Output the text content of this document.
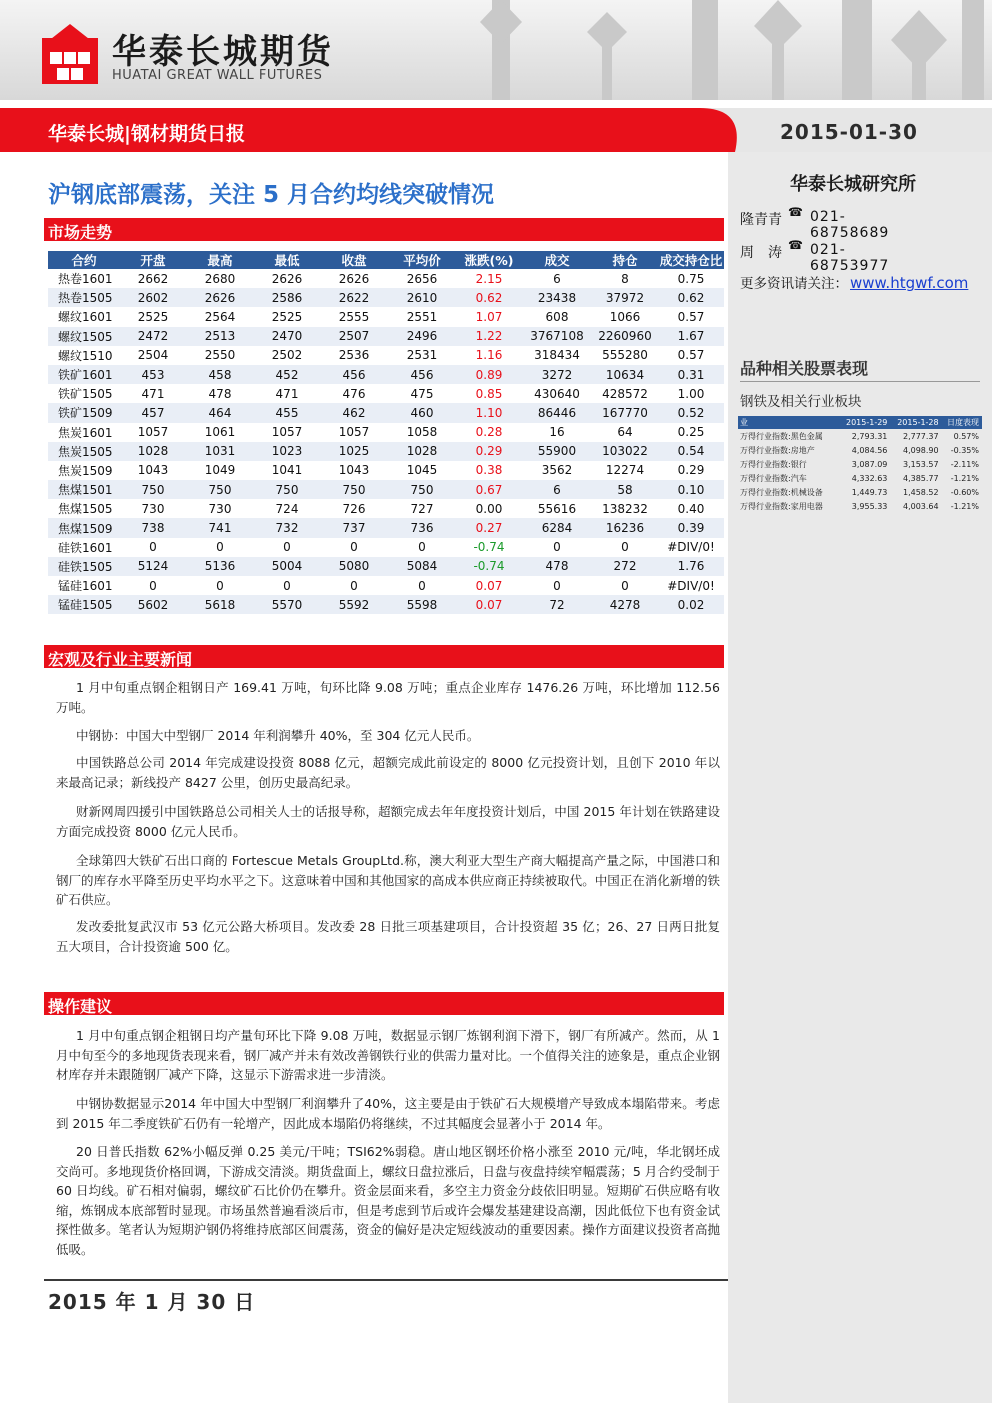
华泰长城期货
HUATAI GREAT WALL FUTURES
华泰长城|钢材期货日报	2015-01-30
华泰长城研究所
隆青青 ☎ 021-68758689
周　涛 ☎ 021-68753977
更多资讯请关注： www.htgwf.com
品种相关股票表现
钢铁及相关行业板块
业	2015-1-29	2015-1-28	日度表现
万得行业指数:黑色金属	2,793.31	2,777.37	0.57%
万得行业指数:房地产	4,084.56	4,098.90	-0.35%
万得行业指数:银行	3,087.09	3,153.57	-2.11%
万得行业指数:汽车	4,332.63	4,385.77	-1.21%
万得行业指数:机械设备	1,449.73	1,458.52	-0.60%
万得行业指数:家用电器	3,955.33	4,003.64	-1.21%
沪钢底部震荡，关注 5 月合约均线突破情况
市场走势
合约	开盘	最高	最低	收盘	平均价	涨跌(%)	成交	持仓	成交持仓比
热卷1601	2662	2680	2626	2626	2656	2.15	6	8	0.75
热卷1505	2602	2626	2586	2622	2610	0.62	23438	37972	0.62
螺纹1601	2525	2564	2525	2555	2551	1.07	608	1066	0.57
螺纹1505	2472	2513	2470	2507	2496	1.22	3767108	2260960	1.67
螺纹1510	2504	2550	2502	2536	2531	1.16	318434	555280	0.57
铁矿1601	453	458	452	456	456	0.89	3272	10634	0.31
铁矿1505	471	478	471	476	475	0.85	430640	428572	1.00
铁矿1509	457	464	455	462	460	1.10	86446	167770	0.52
焦炭1601	1057	1061	1057	1057	1058	0.28	16	64	0.25
焦炭1505	1028	1031	1023	1025	1028	0.29	55900	103022	0.54
焦炭1509	1043	1049	1041	1043	1045	0.38	3562	12274	0.29
焦煤1501	750	750	750	750	750	0.67	6	58	0.10
焦煤1505	730	730	724	726	727	0.00	55616	138232	0.40
焦煤1509	738	741	732	737	736	0.27	6284	16236	0.39
硅铁1601	0	0	0	0	0	-0.74	0	0	#DIV/0!
硅铁1505	5124	5136	5004	5080	5084	-0.74	478	272	1.76
锰硅1601	0	0	0	0	0	0.07	0	0	#DIV/0!
锰硅1505	5602	5618	5570	5592	5598	0.07	72	4278	0.02
宏观及行业主要新闻
1 月中旬重点钢企粗钢日产 169.41 万吨，旬环比降 9.08 万吨；重点企业库存 1476.26 万吨，环比增加 112.56 万吨。
中钢协：中国大中型钢厂 2014 年利润攀升 40%，至 304 亿元人民币。
中国铁路总公司 2014 年完成建设投资 8088 亿元，超额完成此前设定的 8000 亿元投资计划，且创下 2010 年以来最高记录；新线投产 8427 公里，创历史最高纪录。
财新网周四援引中国铁路总公司相关人士的话报导称，超额完成去年年度投资计划后，中国 2015 年计划在铁路建设方面完成投资 8000 亿元人民币。
全球第四大铁矿石出口商的 Fortescue Metals GroupLtd.称，澳大利亚大型生产商大幅提高产量之际，中国港口和钢厂的库存水平降至历史平均水平之下。这意味着中国和其他国家的高成本供应商正持续被取代。中国正在消化新增的铁矿石供应。
发改委批复武汉市 53 亿元公路大桥项目。发改委 28 日批三项基建项目，合计投资超 35 亿；26、27 日两日批复五大项目，合计投资逾 500 亿。
操作建议
1 月中旬重点钢企粗钢日均产量旬环比下降 9.08 万吨，数据显示钢厂炼钢利润下滑下，钢厂有所减产。然而，从 1 月中旬至今的多地现货表现来看，钢厂减产并未有效改善钢铁行业的供需力量对比。一个值得关注的迹象是，重点企业钢材库存并未跟随钢厂减产下降，这显示下游需求进一步清淡。
中钢协数据显示2014 年中国大中型钢厂利润攀升了40%，这主要是由于铁矿石大规模增产导致成本塌陷带来。考虑到 2015 年二季度铁矿石仍有一轮增产，因此成本塌陷仍将继续，不过其幅度会显著小于 2014 年。
20 日普氏指数 62%小幅反弹 0.25 美元/干吨；TSI62%弱稳。唐山地区钢坯价格小涨至 2010 元/吨，华北钢坯成交尚可。多地现货价格回调，下游成交清淡。期货盘面上，螺纹日盘拉涨后，日盘与夜盘持续窄幅震荡；5 月合约受制于 60 日均线。矿石相对偏弱，螺纹矿石比价仍在攀升。资金层面来看，多空主力资金分歧依旧明显。短期矿石供应略有收缩，炼钢成本底部暂时显现。市场虽然普遍看淡后市，但是考虑到节后或许会爆发基建建设高潮，因此低位下也有资金试探性做多。笔者认为短期沪钢仍将维持底部区间震荡，资金的偏好是决定短线波动的重要因素。操作方面建议投资者高抛低吸。
2015 年 1 月 30 日
